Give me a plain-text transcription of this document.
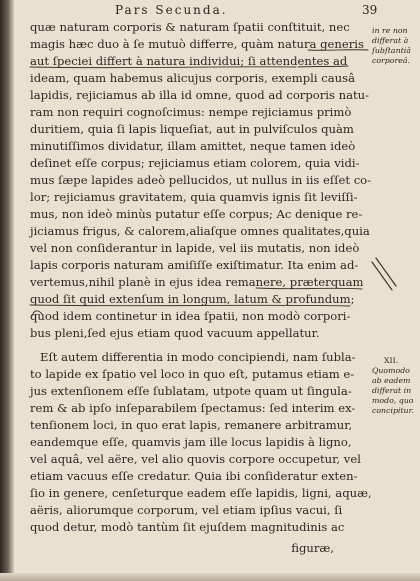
Pars Secunda.	39
quæ naturam corporis & naturam ſpatii conſtituit, nec
magis hæc duo à ſe mutuò differre, quàm natura generis
aut ſpeciei differt à natura individui; ſi attendentes ad
ideam, quam habemus alicujus corporis, exempli causâ
lapidis, rejiciamus ab illa id omne, quod ad corporis natu-
ram non requiri cognoſcimus: nempe rejiciamus primò
duritiem, quia ſi lapis liqueſiat, aut in pulviſculos quàm
minutiſſimos dividatur, illam amittet, neque tamen ideò
deſinet eſſe corpus; rejiciamus etiam colorem, quia vidi-
mus ſæpe lapides adeò pellucidos, ut nullus in iis eſſet co-
lor; rejiciamus gravitatem, quia quamvis ignis ſit leviſſi-
mus, non ideò minùs putatur eſſe corpus; Ac denique re-
jiciamus frigus, & calorem,aliaſque omnes qualitates,quia
vel non conſiderantur in lapide, vel iis mutatis, non ideò
lapis corporis naturam amiſiſſe exiſtimatur. Ita enim ad-
vertemus,nihil planè in ejus idea remanere, præterquam
quod ſit quid extenſum in longum, latum & profundum;
quod idem continetur in idea ſpatii, non modò corpori-
bus pleni,ſed ejus etiam quod vacuum appellatur.
Eſt autem differentia in modo concipiendi, nam ſubla-
to lapide ex ſpatio vel loco in quo eſt, putamus etiam e-
jus extenſionem eſſe ſublatam, utpote quam ut ſingula-
rem & ab ipſo inſeparabilem ſpectamus: ſed interim ex-
tenſionem loci, in quo erat lapis, remanere arbitramur,
eandemque eſſe, quamvis jam ille locus lapidis à ligno,
vel aquâ, vel aëre, vel alio quovis corpore occupetur, vel
etiam vacuus eſſe credatur. Quia ibi conſideratur exten-
ſio in genere, cenſeturque eadem eſſe lapidis, ligni, aquæ,
aëris, aliorumque corporum, vel etiam ipſius vacui, ſi
quod detur, modò tantùm ſit ejuſdem magnitudinis ac
figuræ,
in re non
differat à
ſubſtantiâ
corporeâ.
XII.
Quomodo
ab eadem
differat in
modo, quo
concipitur.
